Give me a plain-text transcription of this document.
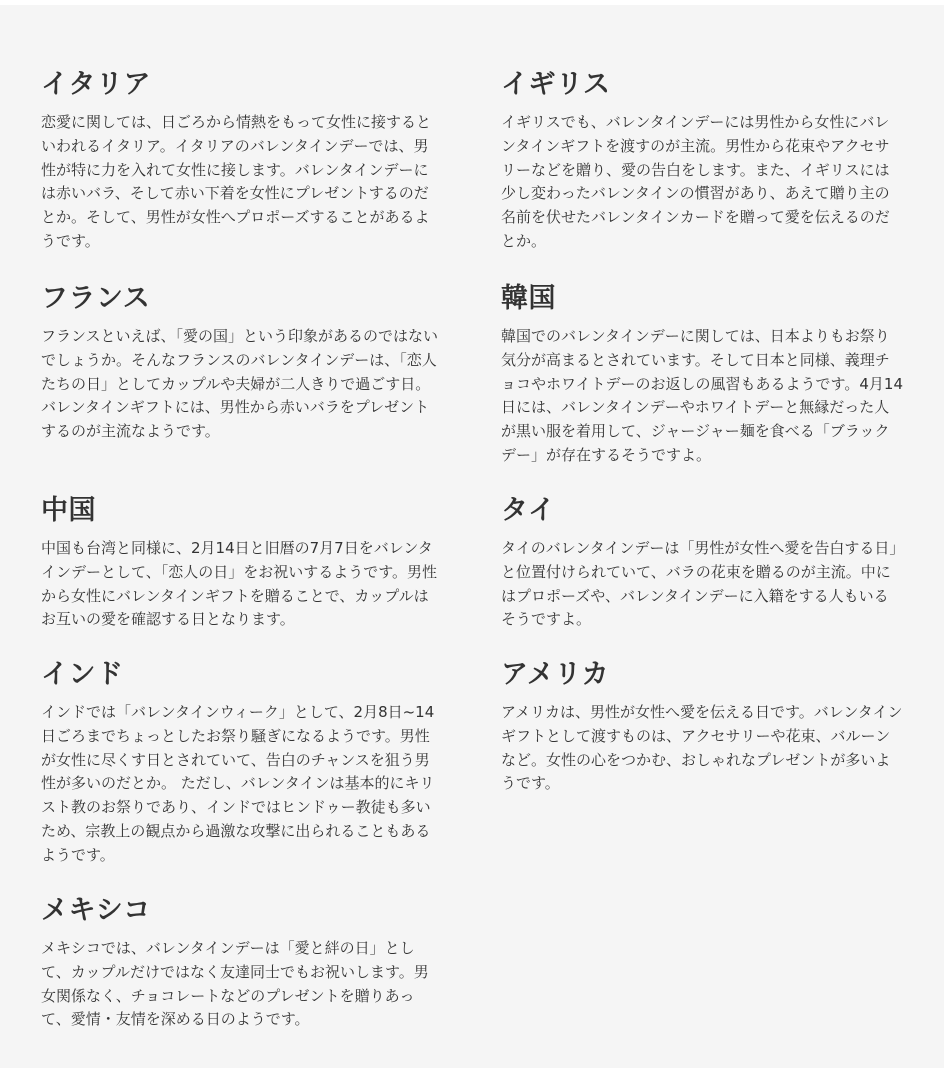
イタリア

恋愛に関しては、日ごろから情熱をもって女性に接するといわれるイタリア。イタリアのバレンタインデーでは、男性が特に力を入れて女性に接します。バレンタインデーには赤いバラ、そして赤い下着を女性にプレゼントするのだとか。そして、男性が女性へプロポーズすることがあるようです。

イギリス

イギリスでも、バレンタインデーには男性から女性にバレンタインギフトを渡すのが主流。男性から花束やアクセサリーなどを贈り、愛の告白をします。また、イギリスには少し変わったバレンタインの慣習があり、あえて贈り主の名前を伏せたバレンタインカードを贈って愛を伝えるのだとか。

フランス

フランスといえば、「愛の国」という印象があるのではないでしょうか。そんなフランスのバレンタインデーは、「恋人たちの日」としてカップルや夫婦が二人きりで過ごす日。バレンタインギフトには、男性から赤いバラをプレゼントするのが主流なようです。

韓国

韓国でのバレンタインデーに関しては、日本よりもお祭り気分が高まるとされています。そして日本と同様、義理チョコやホワイトデーのお返しの風習もあるようです。4月14日には、バレンタインデーやホワイトデーと無縁だった人が黒い服を着用して、ジャージャー麺を食べる「ブラックデー」が存在するそうですよ。

中国

中国も台湾と同様に、2月14日と旧暦の7月7日をバレンタインデーとして、「恋人の日」をお祝いするようです。男性から女性にバレンタインギフトを贈ることで、カップルはお互いの愛を確認する日となります。

タイ

タイのバレンタインデーは「男性が女性へ愛を告白する日」と位置付けられていて、バラの花束を贈るのが主流。中にはプロポーズや、バレンタインデーに入籍をする人もいるそうですよ。

インド

インドでは「バレンタインウィーク」として、2月8日~14日ごろまでちょっとしたお祭り騒ぎになるようです。男性が女性に尽くす日とされていて、告白のチャンスを狙う男性が多いのだとか。 ただし、バレンタインは基本的にキリスト教のお祭りであり、インドではヒンドゥー教徒も多いため、宗教上の観点から過激な攻撃に出られることもあるようです。

アメリカ

アメリカは、男性が女性へ愛を伝える日です。バレンタインギフトとして渡すものは、アクセサリーや花束、バルーンなど。女性の心をつかむ、おしゃれなプレゼントが多いようです。

メキシコ

メキシコでは、バレンタインデーは「愛と絆の日」として、カップルだけではなく友達同士でもお祝いします。男女関係なく、チョコレートなどのプレゼントを贈りあって、愛情・友情を深める日のようです。
